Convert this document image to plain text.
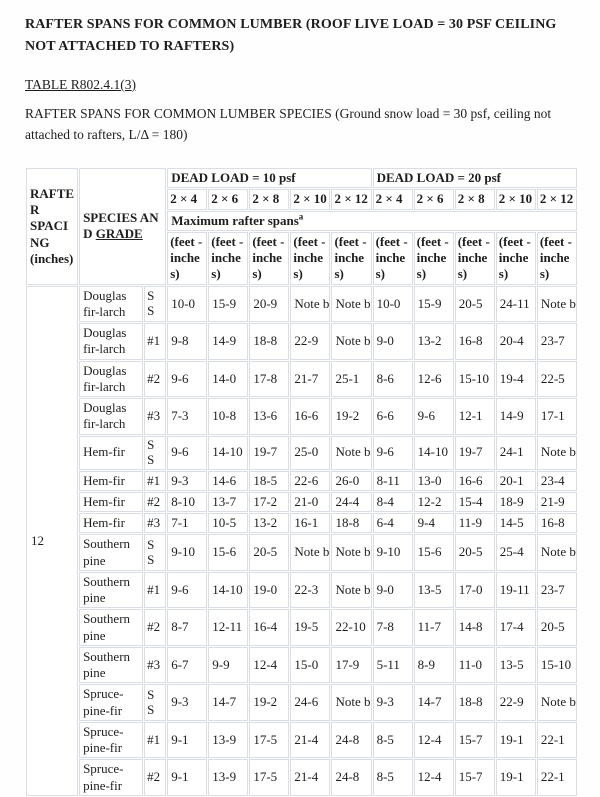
RAFTER SPANS FOR COMMON LUMBER (ROOF LIVE LOAD = 30 PSF CEILING NOT ATTACHED TO RAFTERS)

TABLE R802.4.1(3)

RAFTER SPANS FOR COMMON LUMBER SPECIES (Ground snow load = 30 psf, ceiling not attached to rafters, L/Δ = 180)

RAFTER SPACING (inches)	SPECIES AND GRADE		DEAD LOAD = 10 psf					DEAD LOAD = 20 psf				
			2 × 4	2 × 6	2 × 8	2 × 10	2 × 12	2 × 4	2 × 6	2 × 8	2 × 10	2 × 12
			Maximum rafter spans$^a$
			(feet - inches)	(feet - inches)	(feet - inches)	(feet - inches)	(feet - inches)	(feet - inches)	(feet - inches)	(feet - inches)	(feet - inches)	(feet - inches)
12	Douglas fir-larch	SS	10-0	15-9	20-9	Note b	Note b	10-0	15-9	20-5	24-11	Note b
	Douglas fir-larch	#1	9-8	14-9	18-8	22-9	Note b	9-0	13-2	16-8	20-4	23-7
	Douglas fir-larch	#2	9-6	14-0	17-8	21-7	25-1	8-6	12-6	15-10	19-4	22-5
	Douglas fir-larch	#3	7-3	10-8	13-6	16-6	19-2	6-6	9-6	12-1	14-9	17-1
	Hem-fir	SS	9-6	14-10	19-7	25-0	Note b	9-6	14-10	19-7	24-1	Note b
	Hem-fir	#1	9-3	14-6	18-5	22-6	26-0	8-11	13-0	16-6	20-1	23-4
	Hem-fir	#2	8-10	13-7	17-2	21-0	24-4	8-4	12-2	15-4	18-9	21-9
	Hem-fir	#3	7-1	10-5	13-2	16-1	18-8	6-4	9-4	11-9	14-5	16-8
	Southern pine	SS	9-10	15-6	20-5	Note b	Note b	9-10	15-6	20-5	25-4	Note b
	Southern pine	#1	9-6	14-10	19-0	22-3	Note b	9-0	13-5	17-0	19-11	23-7
	Southern pine	#2	8-7	12-11	16-4	19-5	22-10	7-8	11-7	14-8	17-4	20-5
	Southern pine	#3	6-7	9-9	12-4	15-0	17-9	5-11	8-9	11-0	13-5	15-10
	Spruce-pine-fir	SS	9-3	14-7	19-2	24-6	Note b	9-3	14-7	18-8	22-9	Note b
	Spruce-pine-fir	#1	9-1	13-9	17-5	21-4	24-8	8-5	12-4	15-7	19-1	22-1
	Spruce-pine-fir	#2	9-1	13-9	17-5	21-4	24-8	8-5	12-4	15-7	19-1	22-1
